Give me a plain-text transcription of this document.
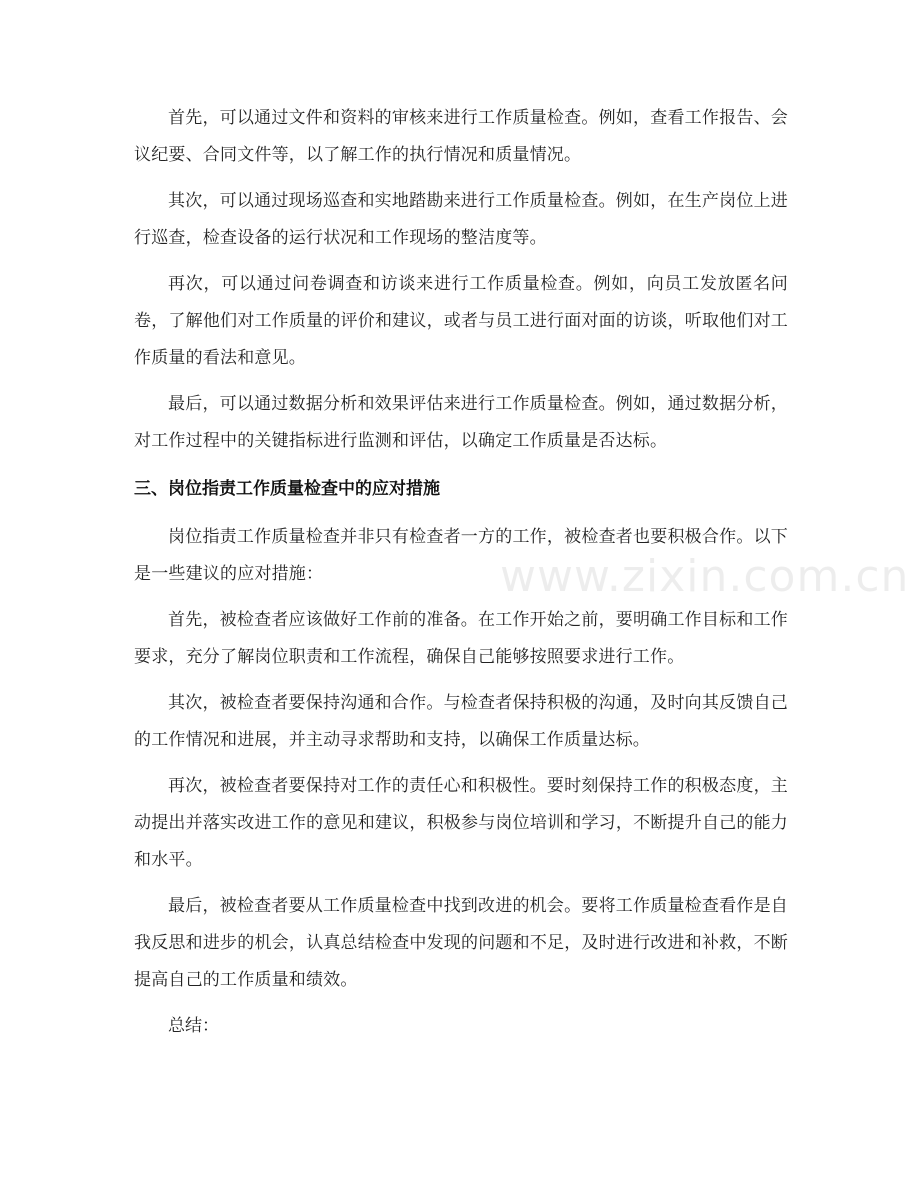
首先，可以通过文件和资料的审核来进行工作质量检查。例如，查看工作报告、会议纪要、合同文件等，以了解工作的执行情况和质量情况。

其次，可以通过现场巡查和实地踏勘来进行工作质量检查。例如，在生产岗位上进行巡查，检查设备的运行状况和工作现场的整洁度等。

再次，可以通过问卷调查和访谈来进行工作质量检查。例如，向员工发放匿名问卷，了解他们对工作质量的评价和建议，或者与员工进行面对面的访谈，听取他们对工作质量的看法和意见。

最后，可以通过数据分析和效果评估来进行工作质量检查。例如，通过数据分析，对工作过程中的关键指标进行监测和评估，以确定工作质量是否达标。

三、岗位指责工作质量检查中的应对措施

岗位指责工作质量检查并非只有检查者一方的工作，被检查者也要积极合作。以下是一些建议的应对措施：

首先，被检查者应该做好工作前的准备。在工作开始之前，要明确工作目标和工作要求，充分了解岗位职责和工作流程，确保自己能够按照要求进行工作。

其次，被检查者要保持沟通和合作。与检查者保持积极的沟通，及时向其反馈自己的工作情况和进展，并主动寻求帮助和支持，以确保工作质量达标。

再次，被检查者要保持对工作的责任心和积极性。要时刻保持工作的积极态度，主动提出并落实改进工作的意见和建议，积极参与岗位培训和学习，不断提升自己的能力和水平。

最后，被检查者要从工作质量检查中找到改进的机会。要将工作质量检查看作是自我反思和进步的机会，认真总结检查中发现的问题和不足，及时进行改进和补救，不断提高自己的工作质量和绩效。

总结：

www.zixin.com.cn
